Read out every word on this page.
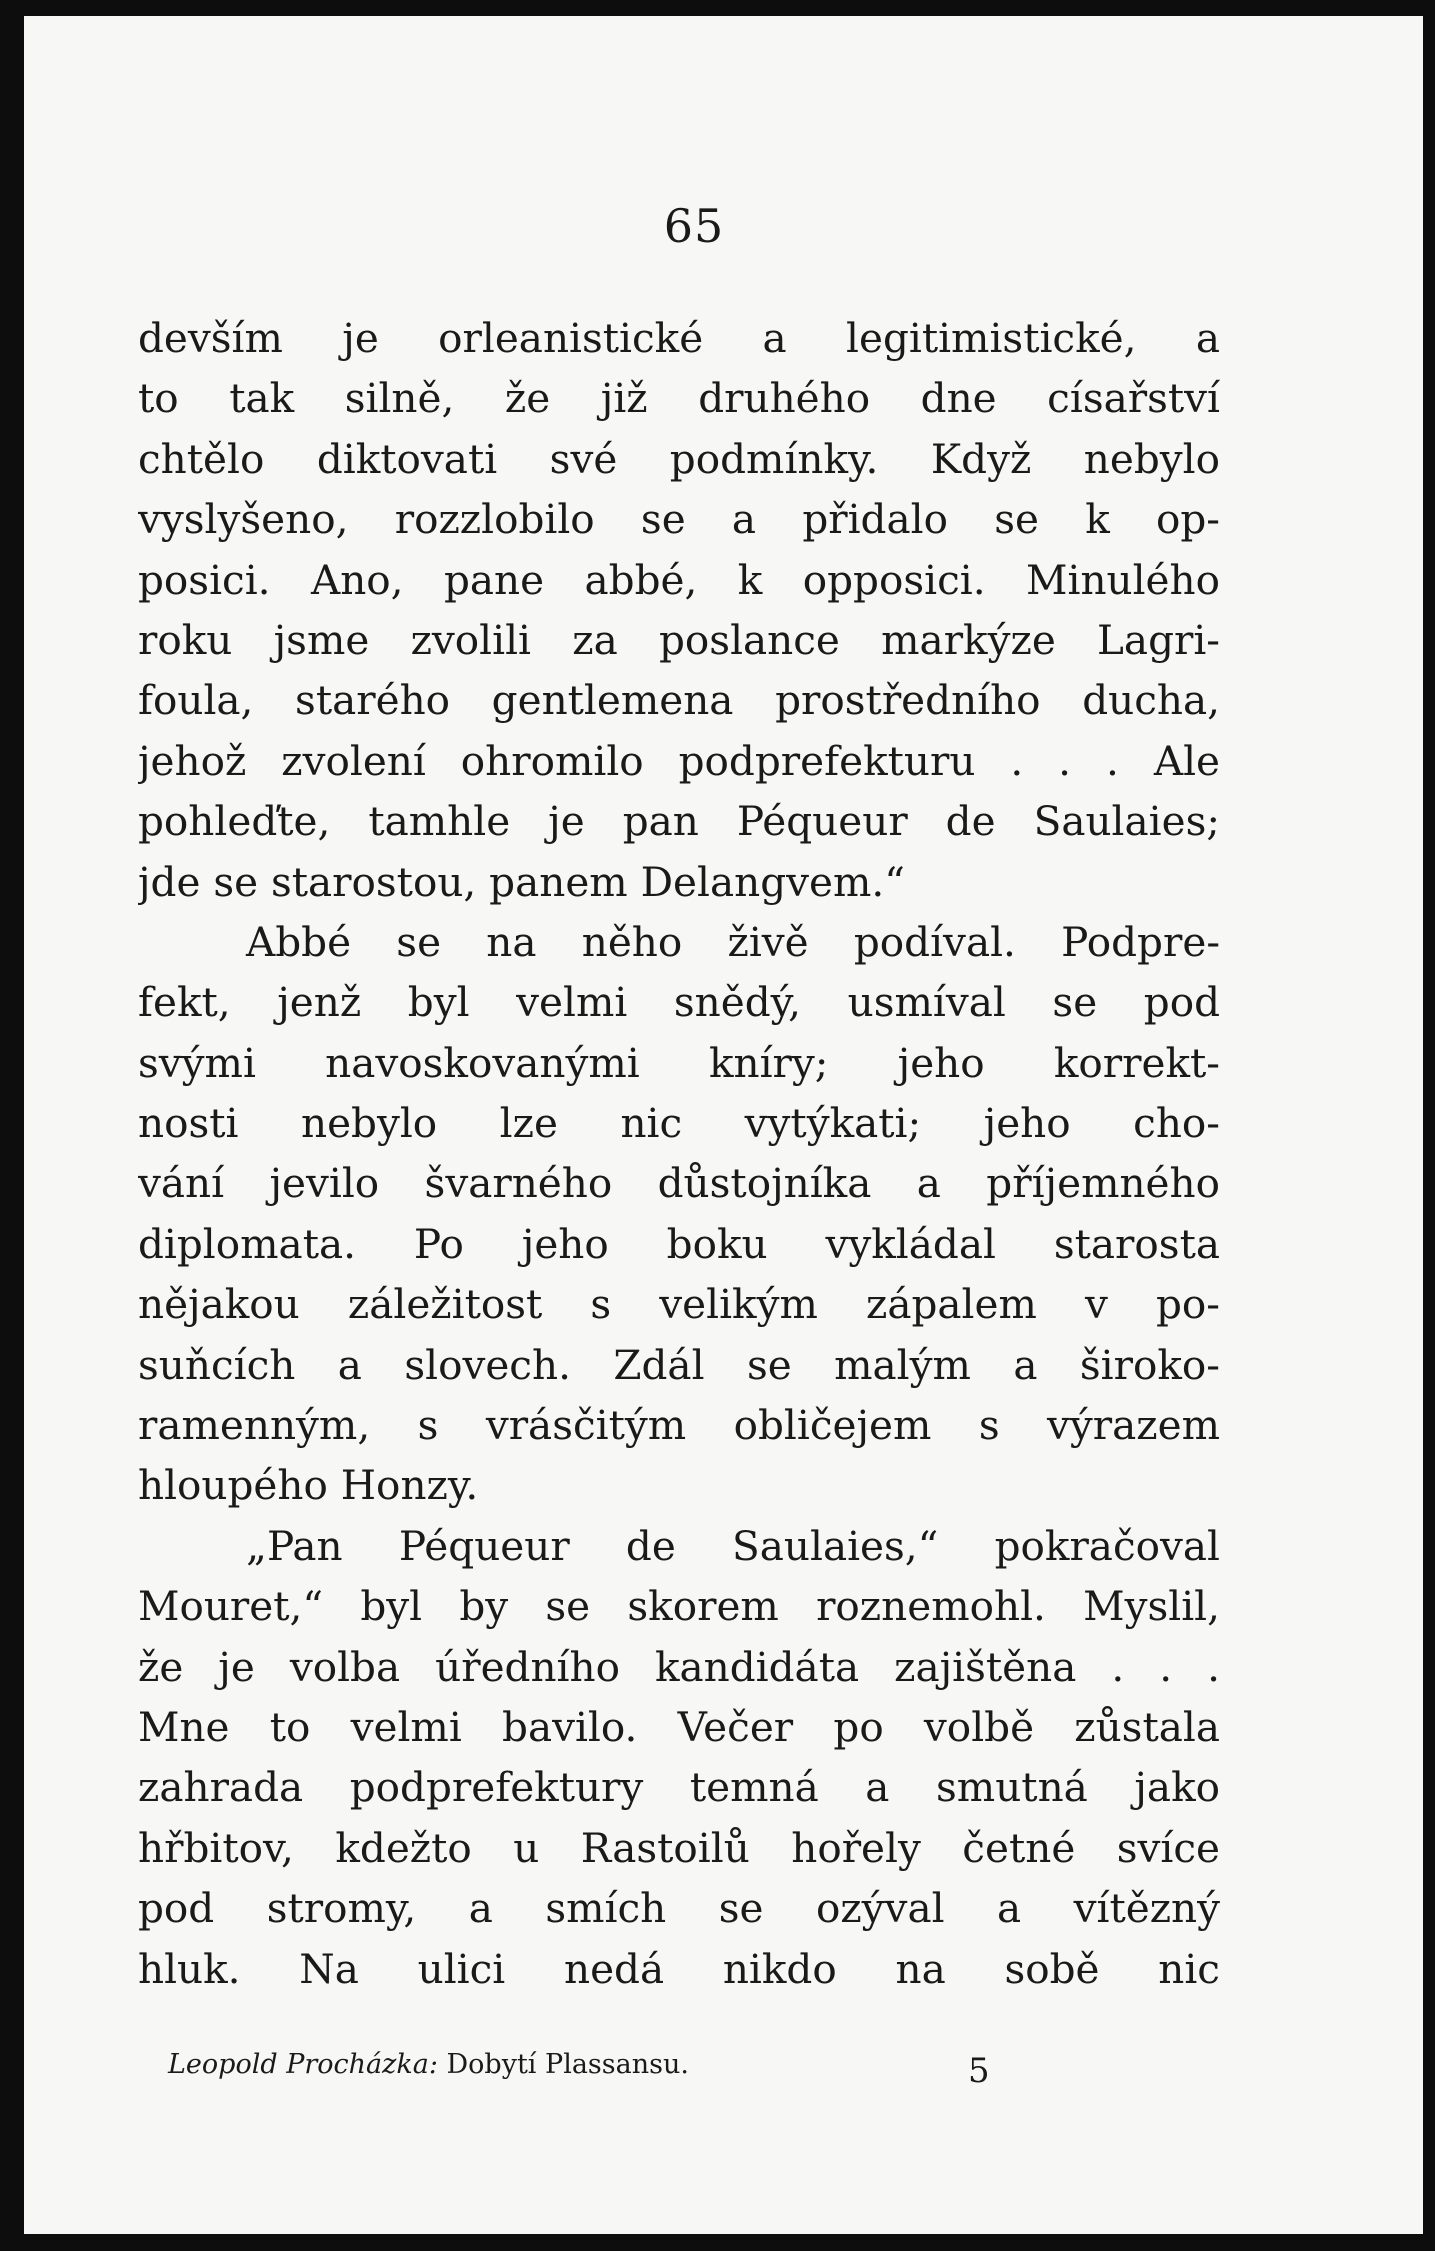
65
devším je orleanistické a legitimistické, a
to tak silně, že již druhého dne císařství
chtělo diktovati své podmínky. Když nebylo
vyslyšeno, rozzlobilo se a přidalo se k op-
posici. Ano, pane abbé, k opposici. Minulého
roku jsme zvolili za poslance markýze Lagri-
foula, starého gentlemena prostředního ducha,
jehož zvolení ohromilo podprefekturu . . . Ale
pohleďte, tamhle je pan Péqueur de Saulaies;
jde se starostou, panem Delangvem.“
Abbé se na něho živě podíval. Podpre-
fekt, jenž byl velmi snědý, usmíval se pod
svými navoskovanými kníry; jeho korrekt-
nosti nebylo lze nic vytýkati; jeho cho-
vání jevilo švarného důstojníka a příjemného
diplomata. Po jeho boku vykládal starosta
nějakou záležitost s velikým zápalem v po-
suňcích a slovech. Zdál se malým a široko-
ramenným, s vrásčitým obličejem s výrazem
hloupého Honzy.
„Pan Péqueur de Saulaies,“ pokračoval
Mouret,“ byl by se skorem roznemohl. Myslil,
že je volba úředního kandidáta zajištěna . . .
Mne to velmi bavilo. Večer po volbě zůstala
zahrada podprefektury temná a smutná jako
hřbitov, kdežto u Rastoilů hořely četné svíce
pod stromy, a smích se ozýval a vítězný
hluk. Na ulici nedá nikdo na sobě nic
Leopold Procházka: Dobytí Plassansu.	5
